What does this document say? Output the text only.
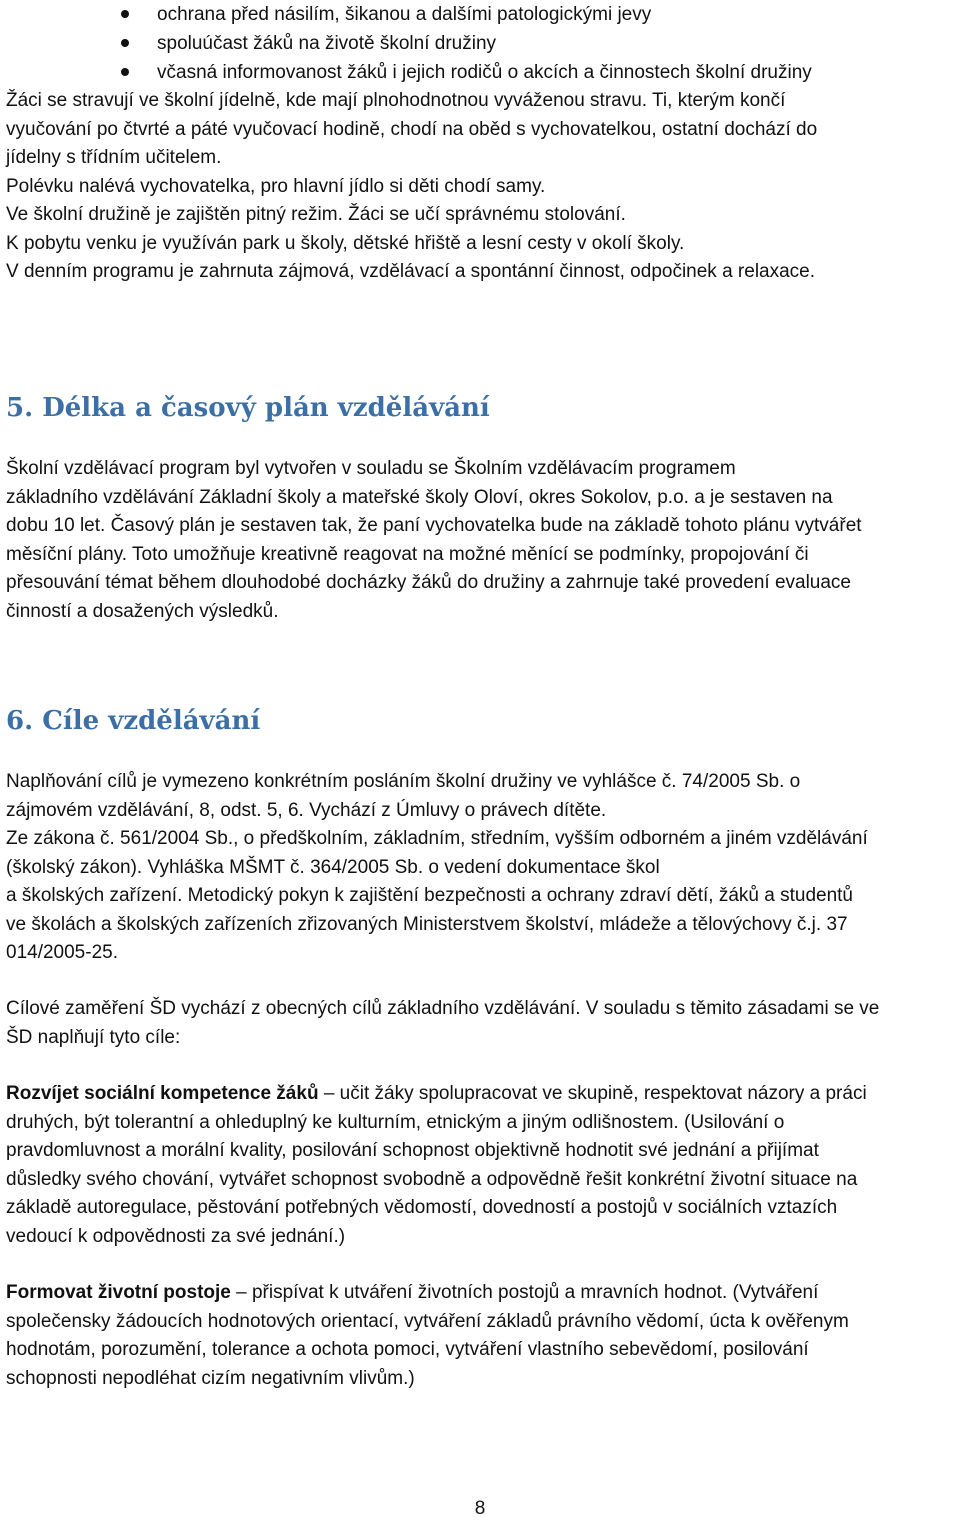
ochrana před násilím, šikanou a dalšími patologickými jevy
spoluúčast žáků na životě školní družiny
včasná informovanost žáků i jejich rodičů o akcích a činnostech školní družiny

Žáci se stravují ve školní jídelně, kde mají plnohodnotnou vyváženou stravu. Ti, kterým končí

vyučování po čtvrté a páté vyučovací hodině, chodí na oběd s vychovatelkou, ostatní dochází do

jídelny s třídním učitelem.

Polévku nalévá vychovatelka, pro hlavní jídlo si děti chodí samy.

Ve školní družině je zajištěn pitný režim. Žáci se učí správnému stolování.

K pobytu venku je využíván park u školy, dětské hřiště a lesní cesty v okolí školy.

V denním programu je zahrnuta zájmová, vzdělávací a spontánní činnost, odpočinek a relaxace.

5. Délka a časový plán vzdělávání

Školní vzdělávací program byl vytvořen v souladu se Školním vzdělávacím programem

základního vzdělávání Základní školy a mateřské školy Oloví, okres Sokolov, p.o. a je sestaven na

dobu 10 let. Časový plán je sestaven tak, že paní vychovatelka bude na základě tohoto plánu vytvářet

měsíční plány. Toto umožňuje kreativně reagovat na možné měnící se podmínky, propojování či

přesouvání témat během dlouhodobé docházky žáků do družiny a zahrnuje také provedení evaluace

činností a dosažených výsledků.

6. Cíle vzdělávání

Naplňování cílů je vymezeno konkrétním posláním školní družiny ve vyhlášce č. 74/2005 Sb. o

zájmovém vzdělávání, 8, odst. 5, 6. Vychází z Úmluvy o právech dítěte.

Ze zákona č. 561/2004 Sb., o předškolním, základním, středním, vyšším odborném a jiném vzdělávání

(školský zákon). Vyhláška MŠMT č. 364/2005 Sb. o vedení dokumentace škol

a školských zařízení. Metodický pokyn k zajištění bezpečnosti a ochrany zdraví dětí, žáků a studentů

ve školách a školských zařízeních zřizovaných Ministerstvem školství, mládeže a tělovýchovy č.j. 37

014/2005-25.

Cílové zaměření ŠD vychází z obecných cílů základního vzdělávání. V souladu s těmito zásadami se ve

ŠD naplňují tyto cíle:

Rozvíjet sociální kompetence žáků – učit žáky spolupracovat ve skupině, respektovat názory a práci

druhých, být tolerantní a ohleduplný ke kulturním, etnickým a jiným odlišnostem. (Usilování o

pravdomluvnost a morální kvality, posilování schopnost objektivně hodnotit své jednání a přijímat

důsledky svého chování, vytvářet schopnost svobodně a odpovědně řešit konkrétní životní situace na

základě autoregulace, pěstování potřebných vědomostí, dovedností a postojů v sociálních vztazích

vedoucí k odpovědnosti za své jednání.)

Formovat životní postoje – přispívat k utváření životních postojů a mravních hodnot. (Vytváření

společensky žádoucích hodnotových orientací, vytváření základů právního vědomí, úcta k ověřenym

hodnotám, porozumění, tolerance a ochota pomoci, vytváření vlastního sebevědomí, posilování

schopnosti nepodléhat cizím negativním vlivům.)

8
